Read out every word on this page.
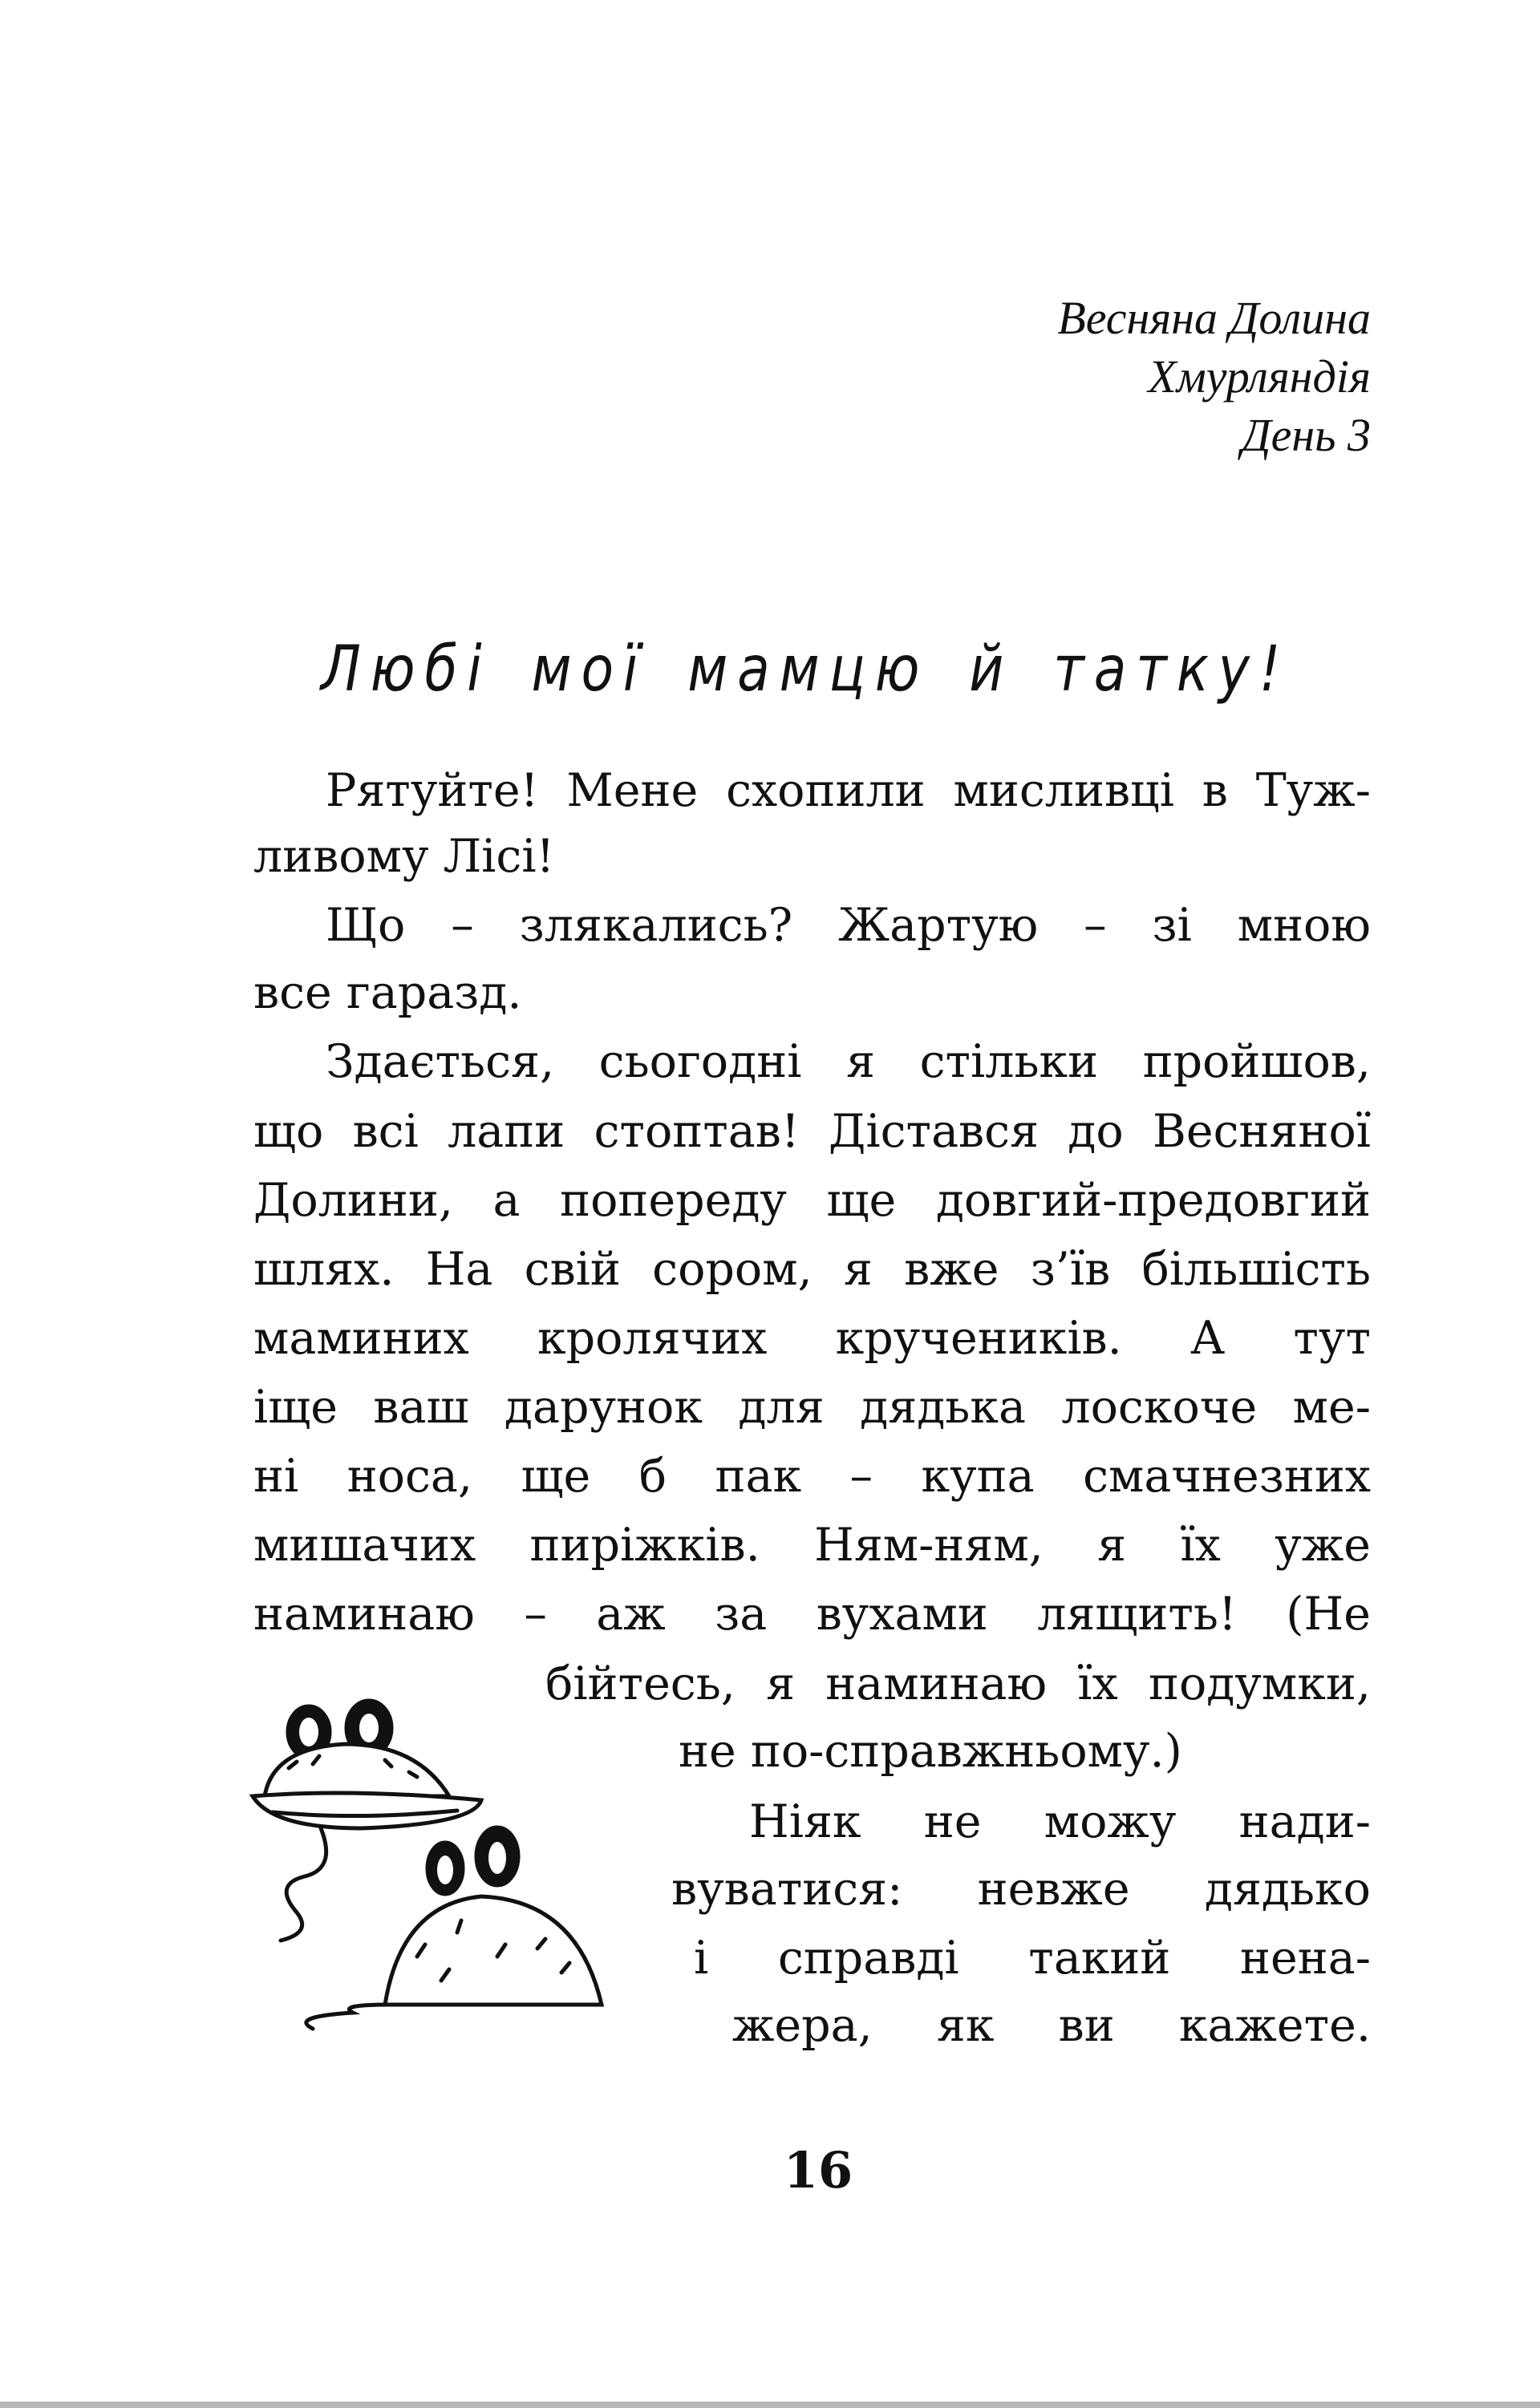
Весняна Долина
Хмурляндія
День 3
Любі мої мамцю й татку!
Рятуйте! Мене схопили мисливці в Туж-
ливому Лісі!
Що – злякались? Жартую – зі мною
все гаразд.
Здається, сьогодні я стільки пройшов,
що всі лапи стоптав! Дістався до Весняної
Долини, а попереду ще довгий-предовгий
шлях. На свій сором, я вже з’їв більшість
маминих кролячих кручеників. А тут
іще ваш дарунок для дядька лоскоче ме-
ні носа, ще б пак – купа смачнезних
мишачих пиріжків. Ням-ням, я їх уже
наминаю – аж за вухами лящить! (Не
бійтесь, я наминаю їх подумки,
не по-справжньому.)
Ніяк не можу нади-
вуватися: невже дядько
і справді такий нена-
жера, як ви кажете.
16
